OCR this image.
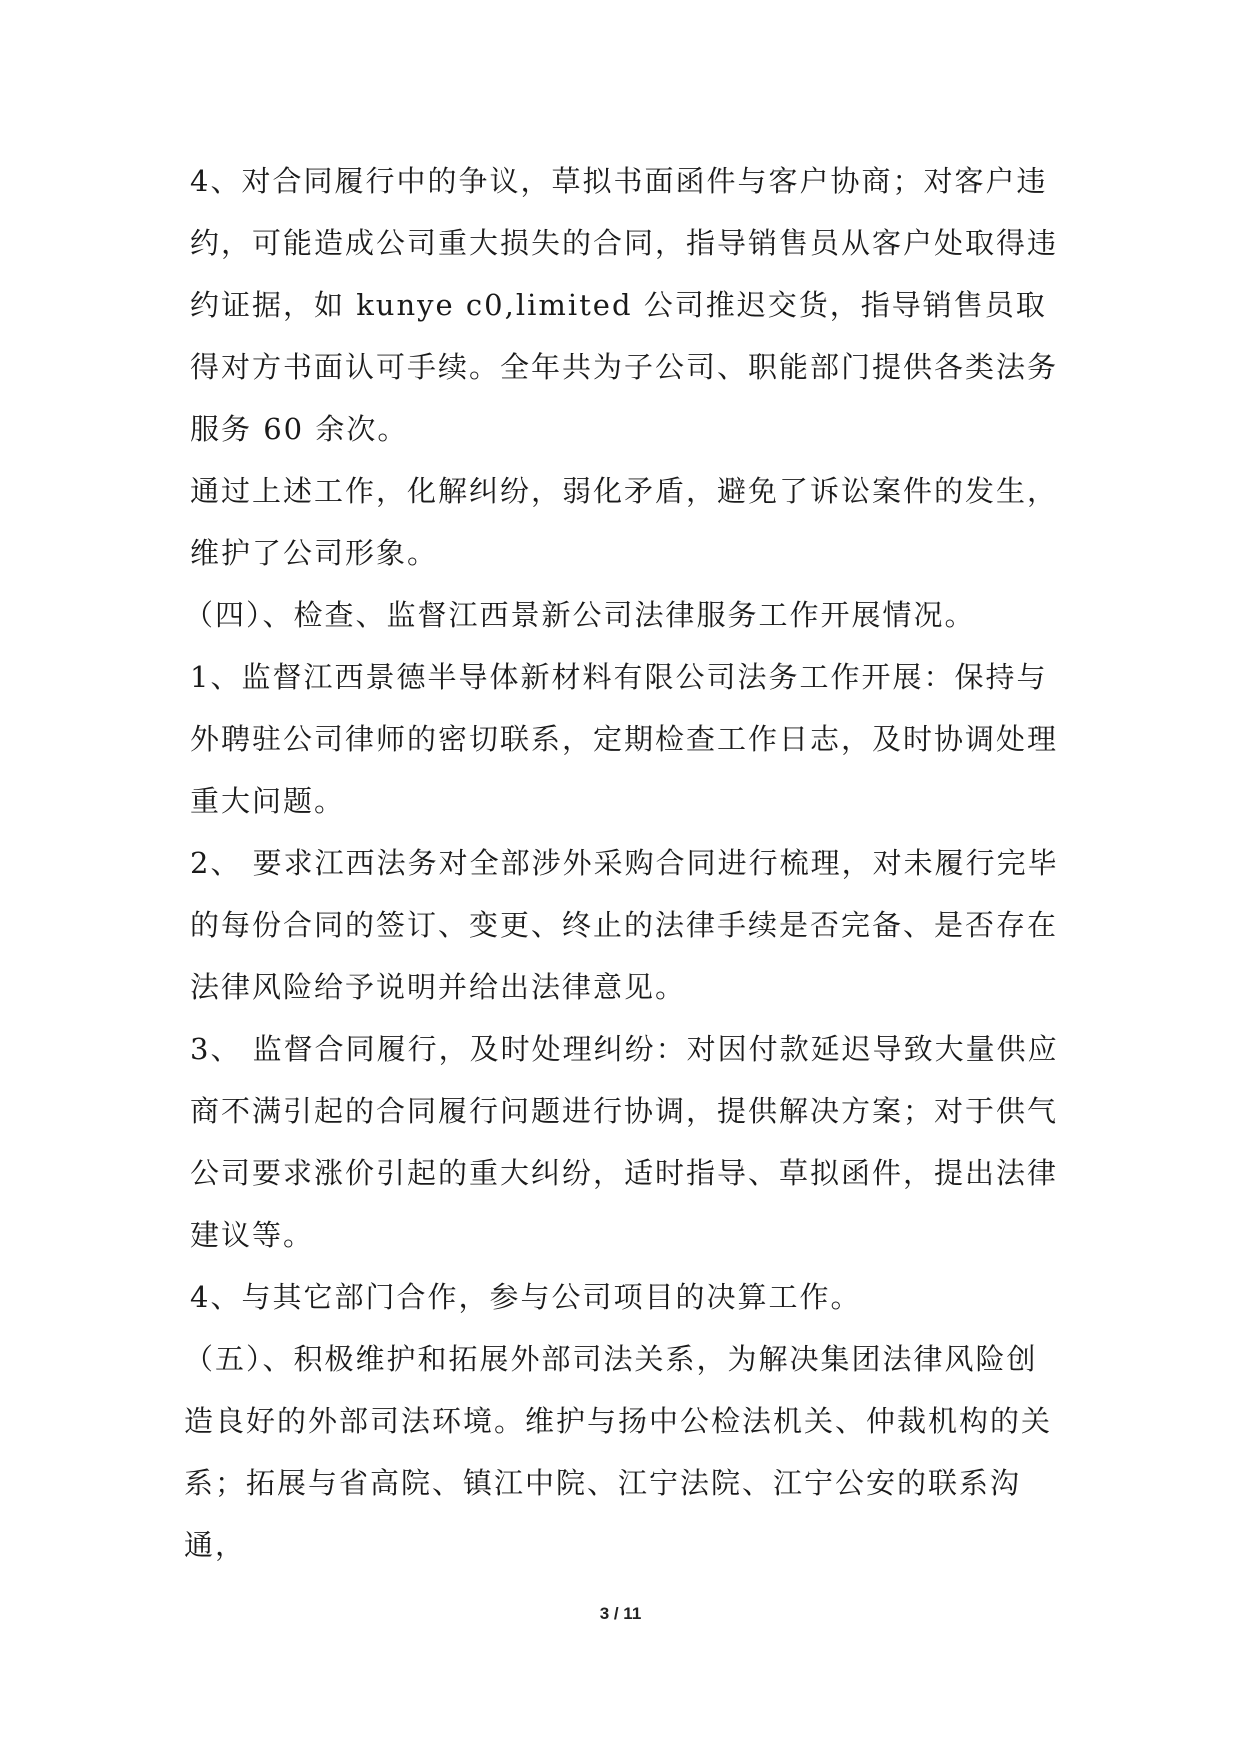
4、对合同履行中的争议，草拟书面函件与客户协商；对客户违约，可能造成公司重大损失的合同，指导销售员从客户处取得违约证据，如 kunye c0,limited 公司推迟交货，指导销售员取得对方书面认可手续。全年共为子公司、职能部门提供各类法务服务 60 余次。

通过上述工作，化解纠纷，弱化矛盾，避免了诉讼案件的发生，维护了公司形象。

（四）、检查、监督江西景新公司法律服务工作开展情况。

1、监督江西景德半导体新材料有限公司法务工作开展：保持与外聘驻公司律师的密切联系，定期检查工作日志，及时协调处理重大问题。

2、 要求江西法务对全部涉外采购合同进行梳理，对未履行完毕的每份合同的签订、变更、终止的法律手续是否完备、是否存在法律风险给予说明并给出法律意见。

3、 监督合同履行，及时处理纠纷：对因付款延迟导致大量供应商不满引起的合同履行问题进行协调，提供解决方案；对于供气公司要求涨价引起的重大纠纷，适时指导、草拟函件，提出法律建议等。

4、与其它部门合作，参与公司项目的决算工作。

（五）、积极维护和拓展外部司法关系，为解决集团法律风险创造良好的外部司法环境。维护与扬中公检法机关、仲裁机构的关系；拓展与省高院、镇江中院、江宁法院、江宁公安的联系沟通，

3 / 11
